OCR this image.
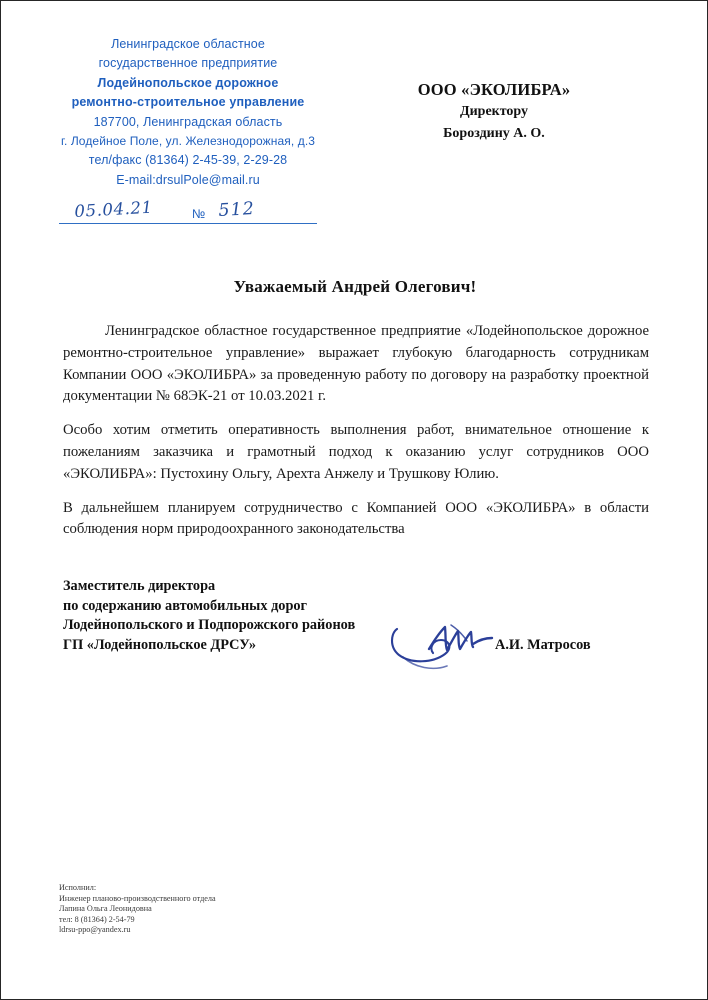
Ленинградское областное
государственное предприятие
Лодейнопольское дорожное
ремонтно-строительное управление
187700, Ленинградская область
г. Лодейное Поле, ул. Железнодорожная, д.3
тел/факс (81364) 2-45-39, 2-29-28
E-mail:drsulPole@mail.ru
05.04.21	№ 512
ООО «ЭКОЛИБРА»
Директору
Бороздину А. О.
Уважаемый Андрей Олегович!

Ленинградское областное государственное предприятие «Лодейнопольское дорожное ремонтно-строительное управление» выражает глубокую благодарность сотрудникам Компании ООО «ЭКОЛИБРА» за проведенную работу по договору на разработку проектной документации № 68ЭК-21 от 10.03.2021 г.

Особо хотим отметить оперативность выполнения работ, внимательное отношение к пожеланиям заказчика и грамотный подход к оказанию услуг сотрудников ООО «ЭКОЛИБРА»: Пустохину Ольгу, Арехта Анжелу и Трушкову Юлию.

В дальнейшем планируем сотрудничество с Компанией ООО «ЭКОЛИБРА» в области соблюдения норм природоохранного законодательства

Заместитель директора
по содержанию автомобильных дорог
Лодейнопольского и Подпорожского районов
ГП «Лодейнопольское ДРСУ»	А.И. Матросов
Исполнил:
Инженер планово-производственного отдела
Лапина Ольга Леонидовна
тел: 8 (81364) 2-54-79
ldrsu-ppo@yandex.ru
